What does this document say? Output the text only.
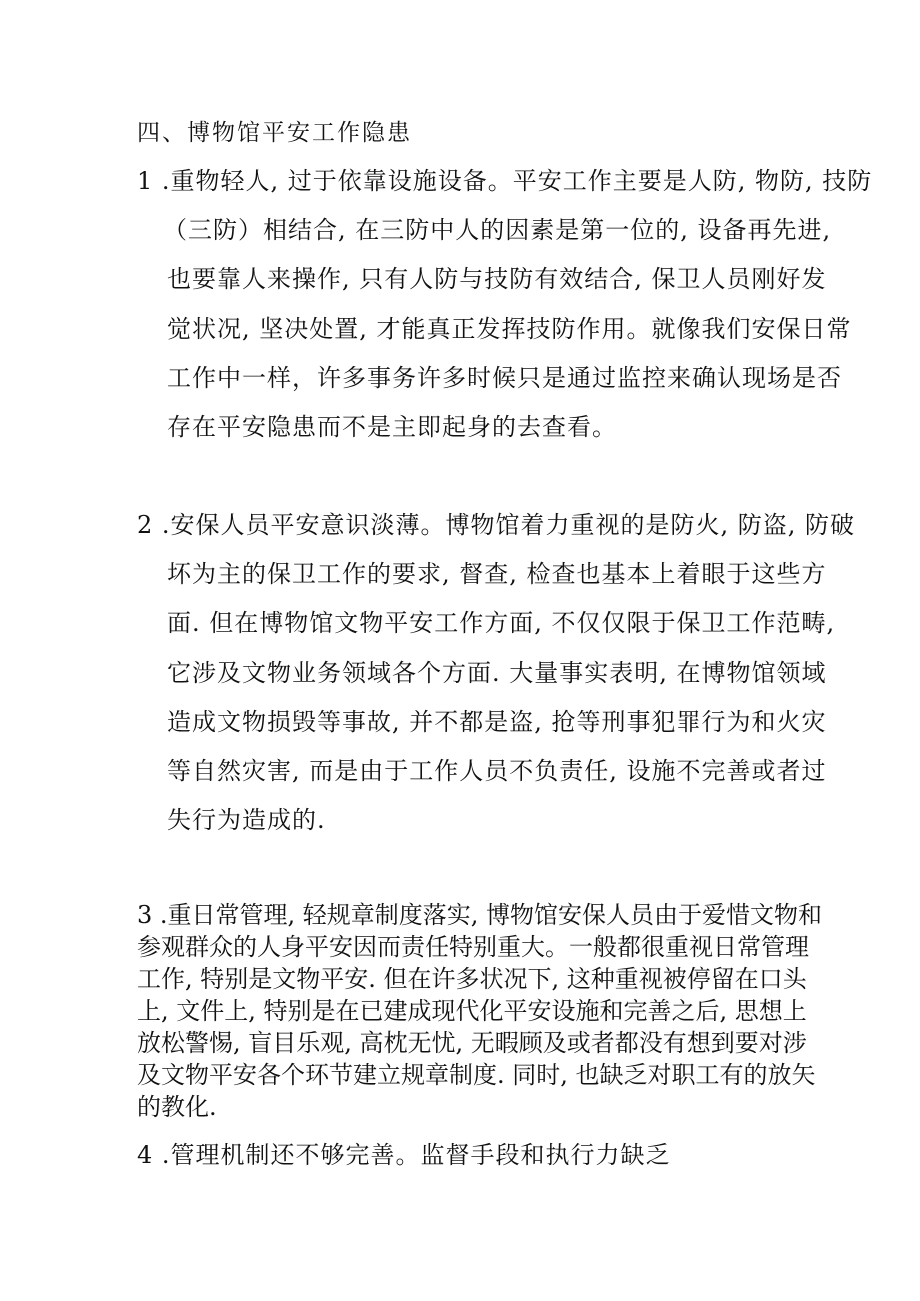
四、博物馆平安工作隐患
1 .重物轻人, 过于依靠设施设备。平安工作主要是人防, 物防, 技防
（三防）相结合, 在三防中人的因素是第一位的, 设备再先进,
也要靠人来操作, 只有人防与技防有效结合, 保卫人员刚好发
觉状况, 坚决处置, 才能真正发挥技防作用。就像我们安保日常
工作中一样，许多事务许多时候只是通过监控来确认现场是否
存在平安隐患而不是主即起身的去查看。
2 .安保人员平安意识淡薄。博物馆着力重视的是防火, 防盗, 防破
坏为主的保卫工作的要求, 督查, 检查也基本上着眼于这些方
面. 但在博物馆文物平安工作方面, 不仅仅限于保卫工作范畴,
它涉及文物业务领域各个方面. 大量事实表明, 在博物馆领域
造成文物损毁等事故, 并不都是盗, 抢等刑事犯罪行为和火灾
等自然灾害, 而是由于工作人员不负责任, 设施不完善或者过
失行为造成的.
3 .重日常管理, 轻规章制度落实, 博物馆安保人员由于爱惜文物和
参观群众的人身平安因而责任特别重大。一般都很重视日常管理
工作, 特别是文物平安. 但在许多状况下, 这种重视被停留在口头
上, 文件上, 特别是在已建成现代化平安设施和完善之后, 思想上
放松警惕, 盲目乐观, 高枕无忧, 无暇顾及或者都没有想到要对涉
及文物平安各个环节建立规章制度. 同时, 也缺乏对职工有的放矢
的教化.
4 .管理机制还不够完善。监督手段和执行力缺乏
